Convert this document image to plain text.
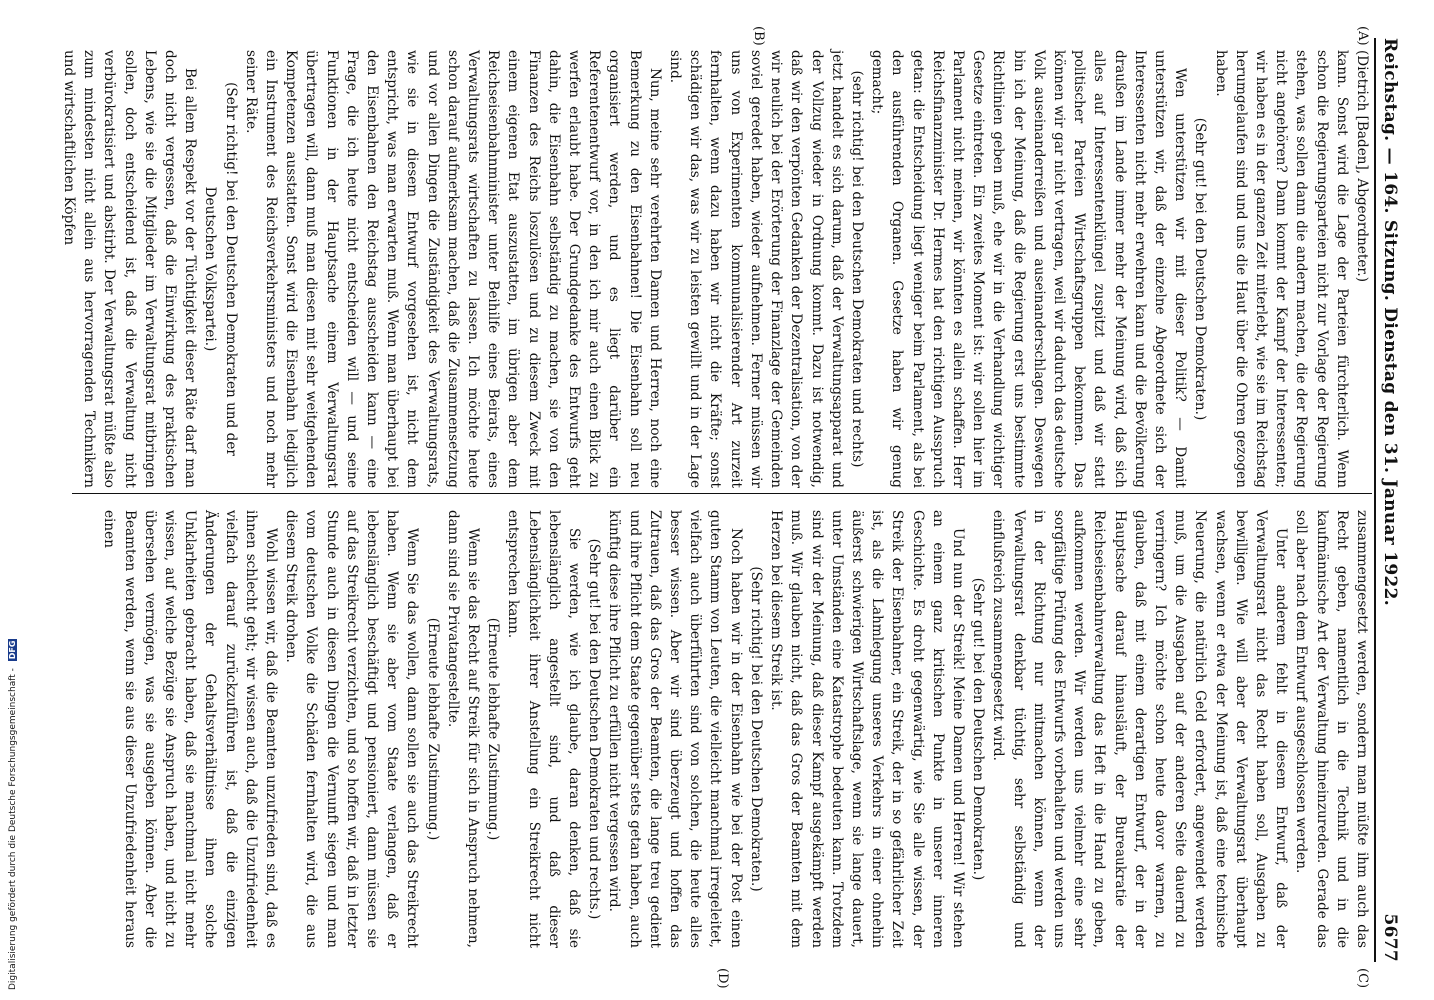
Reichstag. — 164. Sitzung. Dienstag den 31. Januar 1922.
5677
(A)
(B)
(C)
(D)

(Dietrich [Baden], Abgeordneter.)

kann. Sonst wird die Lage der Parteien fürchterlich. Wenn schon die Regierungsparteien nicht zur Vorlage der Regierung stehen, was sollen dann die andern machen, die der Regierung nicht angehören? Dann kommt der Kampf der Interessenten; wir haben es in der ganzen Zeit miterlebt, wie sie im Reichstag herumgelaufen sind und uns die Haut über die Ohren gezogen haben.

(Sehr gut! bei den Deutschen Demokraten.)

Wen unterstützen wir mit dieser Politik? — Damit unterstützen wir, daß der einzelne Abgeordnete sich der Interessenten nicht mehr erwehren kann und die Bevölkerung draußen im Lande immer mehr der Meinung wird, daß sich alles auf Interessentenklüngel zuspitzt und daß wir statt politischer Parteien Wirtschaftsgruppen bekommen. Das können wir gar nicht vertragen, weil wir dadurch das deutsche Volk auseinanderreißen und auseinanderschlagen. Deswegen bin ich der Meinung, daß die Regierung erst uns bestimmte Richtlinien geben muß, ehe wir in die Verhandlung wichtiger Gesetze eintreten. Ein zweites Moment ist: wir sollen hier im Parlament nicht meinen, wir könnten es allein schaffen. Herr Reichsfinanzminister Dr. Hermes hat den richtigen Ausspruch getan: die Entscheidung liegt weniger beim Parlament, als bei den ausführenden Organen. Gesetze haben wir genug gemacht;

(sehr richtig! bei den Deutschen Demokraten und rechts)

jetzt handelt es sich darum, daß der Verwaltungsapparat und der Vollzug wieder in Ordnung kommt. Dazu ist notwendig, daß wir den verpönten Gedanken der Dezentralisation, von der wir neulich bei der Erörterung der Finanzlage der Gemeinden soviel geredet haben, wieder aufnehmen. Ferner müssen wir uns von Experimenten kommunalisierender Art zurzeit fernhalten, wenn dazu haben wir nicht die Kräfte; sonst schädigen wir das, was wir zu leisten gewillt und in der Lage sind.

Nun, meine sehr verehrten Damen und Herren, noch eine Bemerkung zu den Eisenbahnen! Die Eisenbahn soll neu organisiert werden, und es liegt darüber ein Referentenentwurf vor, in den ich mir auch einen Blick zu werfen erlaubt habe. Der Grundgedanke des Entwurfs geht dahin, die Eisenbahn selbständig zu machen, sie von den Finanzen des Reichs loszulösen und zu diesem Zweck mit einem eigenen Etat auszustatten, im übrigen aber dem Reichseisenbahnminister unter Beihilfe eines Beirats, eines Verwaltungsrats wirtschaften zu lassen. Ich möchte heute schon darauf aufmerksam machen, daß die Zusammensetzung und vor allen Dingen die Zuständigkeit des Verwaltungsrats, wie sie in diesem Entwurf vorgesehen ist, nicht dem entspricht, was man erwarten muß. Wenn man überhaupt bei den Eisenbahnen den Reichstag ausscheiden kann — eine Frage, die ich heute nicht entscheiden will — und seine Funktionen in der Hauptsache einem Verwaltungsrat übertragen will, dann muß man diesen mit sehr weitgehenden Kompetenzen ausstatten. Sonst wird die Eisenbahn lediglich ein Instrument des Reichsverkehrsministers und noch mehr seiner Räte.

(Sehr richtig! bei den Deutschen Demokraten und der Deutschen Volkspartei.)

Bei allem Respekt vor der Tüchtigkeit dieser Räte darf man doch nicht vergessen, daß die Einwirkung des praktischen Lebens, wie sie die Mitglieder im Verwaltungsrat mitbringen sollen, doch entscheidend ist, daß die Verwaltung nicht verbürokratisiert und abstirbt. Der Verwaltungsrat müßte also zum mindesten nicht allein aus hervorragenden Technikern und wirtschaftlichen Köpfen

zusammengesetzt werden, sondern man müßte ihm auch das Recht geben, namentlich in die Technik und in die kaufmännische Art der Verwaltung hineinzureden. Gerade das soll aber nach dem Entwurf ausgeschlossen werden.

Unter anderem fehlt in diesem Entwurf, daß der Verwaltungsrat nicht das Recht haben soll, Ausgaben zu bewilligen. Wie will aber der Verwaltungsrat überhaupt wachsen, wenn er etwa der Meinung ist, daß eine technische Neuerung, die natürlich Geld erfordert, angewendet werden muß, um die Ausgaben auf der anderen Seite dauernd zu verringern? Ich möchte schon heute davor warnen, zu glauben, daß mit einem derartigen Entwurf, der in der Hauptsache darauf hinausläuft, der Bureaukratie der Reichseisenbahnverwaltung das Heft in die Hand zu geben, aufkommen werden. Wir werden uns vielmehr eine sehr sorgfältige Prüfung des Entwurfs vorbehalten und werden uns in der Richtung nur mitmachen können, wenn der Verwaltungsrat denkbar tüchtig, sehr selbständig und einflußreich zusammengesetzt wird.

(Sehr gut! bei den Deutschen Demokraten.)

Und nun der Streik! Meine Damen und Herren! Wir stehen an einem ganz kritischen Punkte in unserer inneren Geschichte. Es droht gegenwärtig, wie Sie alle wissen, der Streik der Eisenbahner, ein Streik, der in so gefährlicher Zeit ist, als die Lahmlegung unseres Verkehrs in einer ohnehin äußerst schwierigen Wirtschaftslage, wenn sie lange dauert, unter Umständen eine Katastrophe bedeuten kann. Trotzdem sind wir der Meinung, daß dieser Kampf ausgekämpft werden muß. Wir glauben nicht, daß das Gros der Beamten mit dem Herzen bei diesem Streik ist.

(Sehr richtig! bei den Deutschen Demokraten.)

Noch haben wir in der Eisenbahn wie bei der Post einen guten Stamm von Leuten, die vielleicht manchmal irregeleitet, vielfach auch überführten sind von solchen, die heute alles besser wissen. Aber wir sind überzeugt und hoffen das Zutrauen, daß das Gros der Beamten, die lange treu gedient und ihre Pflicht dem Staate gegenüber stets getan haben, auch künftig diese ihre Pflicht zu erfüllen nicht vergessen wird.

(Sehr gut! bei den Deutschen Demokraten und rechts.)

Sie werden, wie ich glaube, daran denken, daß sie lebenslänglich angestellt sind, und daß dieser Lebenslänglichkeit ihrer Anstellung ein Streikrecht nicht entsprechen kann.

(Erneute lebhafte Zustimmung.)

Wenn sie das Recht auf Streik für sich in Anspruch nehmen, dann sind sie Privatangestellte.

(Erneute lebhafte Zustimmung.)

Wenn Sie das wollen, dann sollen sie auch das Streikrecht haben. Wenn sie aber vom Staate verlangen, daß er lebenslänglich beschäftigt und pensioniert, dann müssen sie auf das Streikrecht verzichten, und so hoffen wir, daß in letzter Stunde auch in diesen Dingen die Vernunft siegen und man vom deutschen Volke die Schäden fernhalten wird, die aus diesem Streik drohen.

Wohl wissen wir, daß die Beamten unzufrieden sind, daß es ihnen schlecht geht; wir wissen auch, daß die Unzufriedenheit vielfach darauf zurückzuführen ist, daß die einzigen Änderungen der Gehaltsverhältnisse ihnen solche Unklarheiten gebracht haben, daß sie manchmal nicht mehr wissen, auf welche Bezüge sie Anspruch haben, und nicht zu übersehen vermögen, was sie ausgeben können. Aber die Beamten werden, wenn sie aus dieser Unzufriedenheit heraus einen

Digitalisierung gefördert durch die Deutsche Forschungsgemeinschaft - DFG
